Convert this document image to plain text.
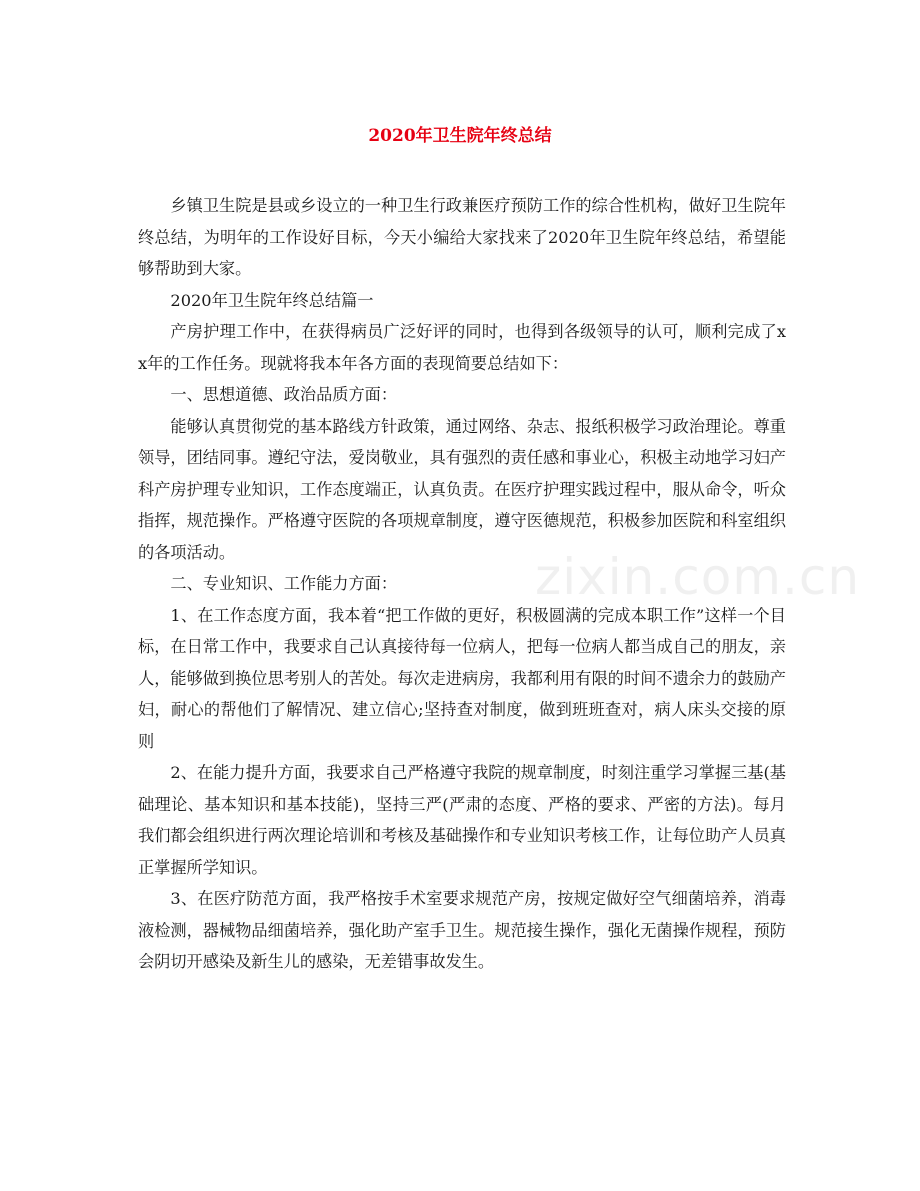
2020年卫生院年终总结

乡镇卫生院是县或乡设立的一种卫生行政兼医疗预防工作的综合性机构，做好卫生院年终总结，为明年的工作设好目标，今天小编给大家找来了2020年卫生院年终总结，希望能够帮助到大家。

2020年卫生院年终总结篇一

产房护理工作中，在获得病员广泛好评的同时，也得到各级领导的认可，顺利完成了xx年的工作任务。现就将我本年各方面的表现简要总结如下：

一、思想道德、政治品质方面：

能够认真贯彻党的基本路线方针政策，通过网络、杂志、报纸积极学习政治理论。尊重领导，团结同事。遵纪守法，爱岗敬业，具有强烈的责任感和事业心，积极主动地学习妇产科产房护理专业知识，工作态度端正，认真负责。在医疗护理实践过程中，服从命令，听众指挥，规范操作。严格遵守医院的各项规章制度，遵守医德规范，积极参加医院和科室组织的各项活动。

二、专业知识、工作能力方面：

1、在工作态度方面，我本着“把工作做的更好，积极圆满的完成本职工作”这样一个目标，在日常工作中，我要求自己认真接待每一位病人，把每一位病人都当成自己的朋友，亲人，能够做到换位思考别人的苦处。每次走进病房，我都利用有限的时间不遗余力的鼓励产妇，耐心的帮他们了解情况、建立信心;坚持查对制度，做到班班查对，病人床头交接的原则

2、在能力提升方面，我要求自己严格遵守我院的规章制度，时刻注重学习掌握三基(基础理论、基本知识和基本技能)，坚持三严(严肃的态度、严格的要求、严密的方法)。每月我们都会组织进行两次理论培训和考核及基础操作和专业知识考核工作，让每位助产人员真正掌握所学知识。

3、在医疗防范方面，我严格按手术室要求规范产房，按规定做好空气细菌培养，消毒液检测，器械物品细菌培养，强化助产室手卫生。规范接生操作，强化无菌操作规程，预防会阴切开感染及新生儿的感染，无差错事故发生。

zixin.com.cn
